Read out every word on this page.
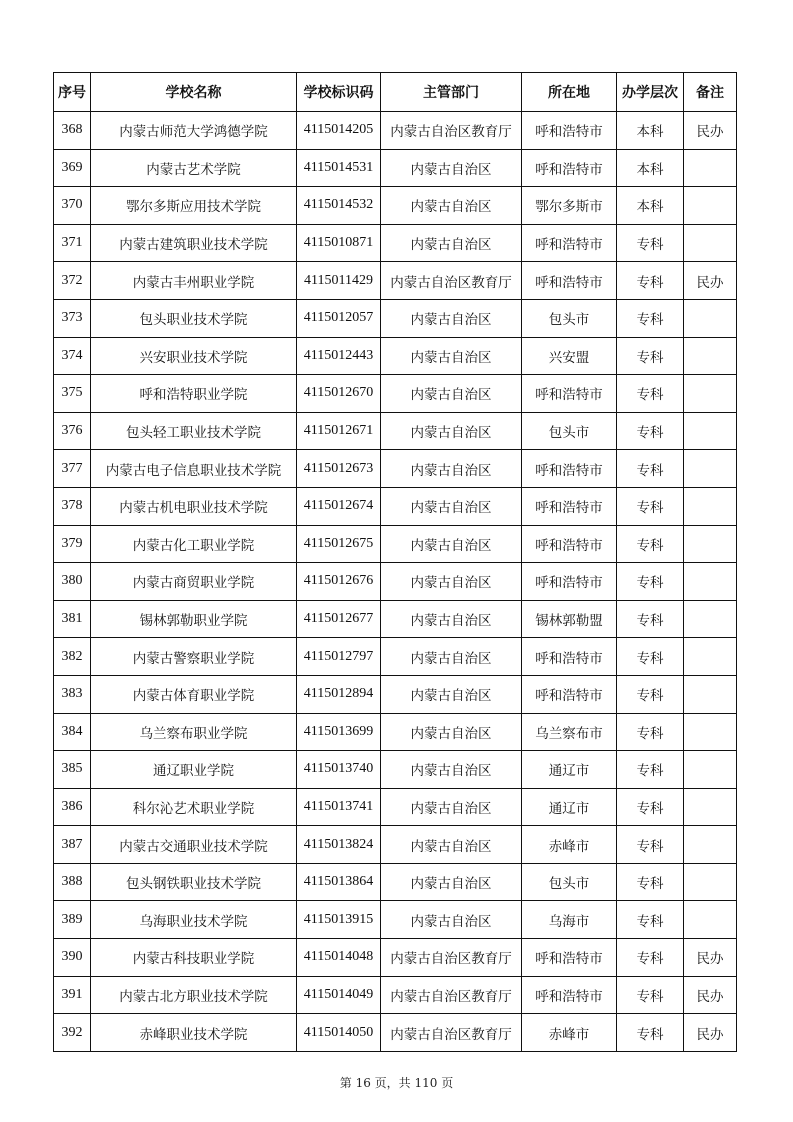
序号	学校名称	学校标识码	主管部门	所在地	办学层次	备注
368	内蒙古师范大学鸿德学院	4115014205	内蒙古自治区教育厅	呼和浩特市	本科	民办
369	内蒙古艺术学院	4115014531	内蒙古自治区	呼和浩特市	本科	
370	鄂尔多斯应用技术学院	4115014532	内蒙古自治区	鄂尔多斯市	本科	
371	内蒙古建筑职业技术学院	4115010871	内蒙古自治区	呼和浩特市	专科	
372	内蒙古丰州职业学院	4115011429	内蒙古自治区教育厅	呼和浩特市	专科	民办
373	包头职业技术学院	4115012057	内蒙古自治区	包头市	专科	
374	兴安职业技术学院	4115012443	内蒙古自治区	兴安盟	专科	
375	呼和浩特职业学院	4115012670	内蒙古自治区	呼和浩特市	专科	
376	包头轻工职业技术学院	4115012671	内蒙古自治区	包头市	专科	
377	内蒙古电子信息职业技术学院	4115012673	内蒙古自治区	呼和浩特市	专科	
378	内蒙古机电职业技术学院	4115012674	内蒙古自治区	呼和浩特市	专科	
379	内蒙古化工职业学院	4115012675	内蒙古自治区	呼和浩特市	专科	
380	内蒙古商贸职业学院	4115012676	内蒙古自治区	呼和浩特市	专科	
381	锡林郭勒职业学院	4115012677	内蒙古自治区	锡林郭勒盟	专科	
382	内蒙古警察职业学院	4115012797	内蒙古自治区	呼和浩特市	专科	
383	内蒙古体育职业学院	4115012894	内蒙古自治区	呼和浩特市	专科	
384	乌兰察布职业学院	4115013699	内蒙古自治区	乌兰察布市	专科	
385	通辽职业学院	4115013740	内蒙古自治区	通辽市	专科	
386	科尔沁艺术职业学院	4115013741	内蒙古自治区	通辽市	专科	
387	内蒙古交通职业技术学院	4115013824	内蒙古自治区	赤峰市	专科	
388	包头钢铁职业技术学院	4115013864	内蒙古自治区	包头市	专科	
389	乌海职业技术学院	4115013915	内蒙古自治区	乌海市	专科	
390	内蒙古科技职业学院	4115014048	内蒙古自治区教育厅	呼和浩特市	专科	民办
391	内蒙古北方职业技术学院	4115014049	内蒙古自治区教育厅	呼和浩特市	专科	民办
392	赤峰职业技术学院	4115014050	内蒙古自治区教育厅	赤峰市	专科	民办
第 16 页，共 110 页
